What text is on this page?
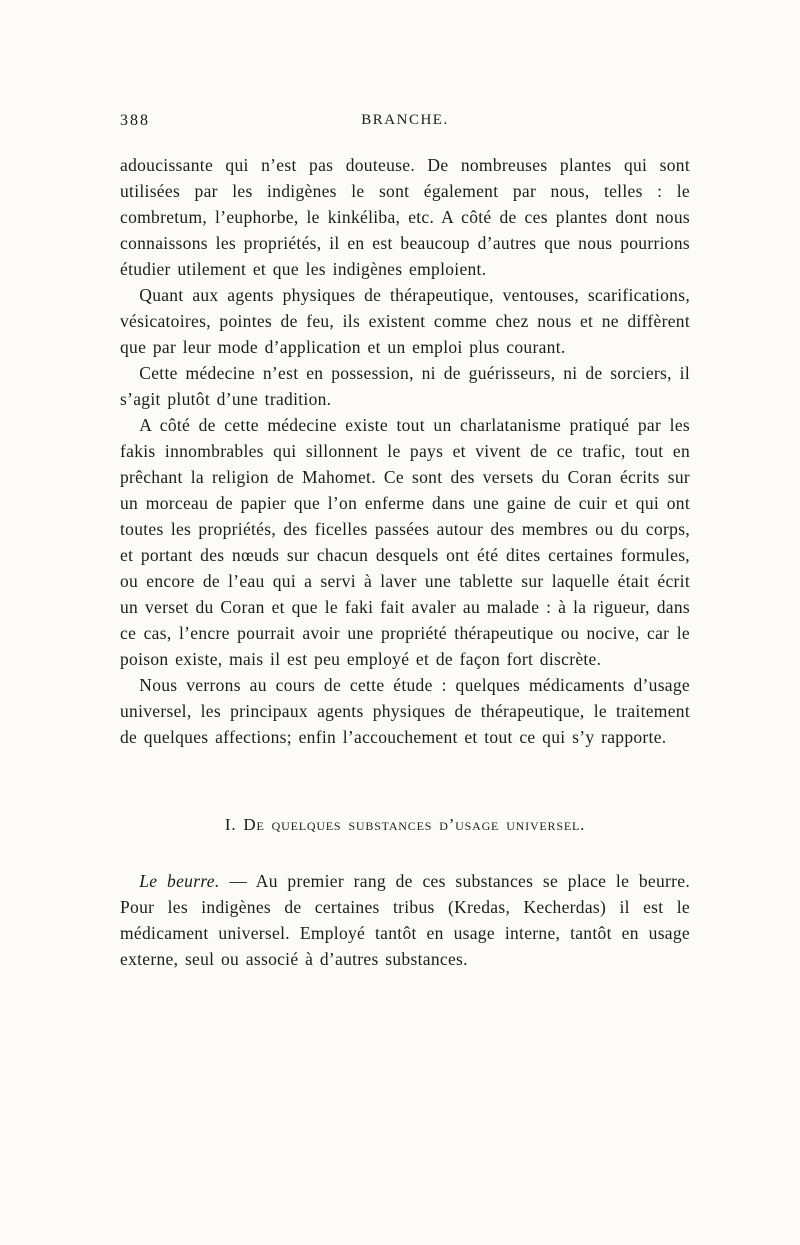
388	BRANCHE.

adoucissante qui n’est pas douteuse. De nombreuses plantes qui sont utilisées par les indigènes le sont également par nous, telles : le combretum, l’euphorbe, le kinkéliba, etc. A côté de ces plantes dont nous connaissons les propriétés, il en est beaucoup d’autres que nous pourrions étudier utilement et que les indigènes emploient.

Quant aux agents physiques de thérapeutique, ventouses, scarifications, vésicatoires, pointes de feu, ils existent comme chez nous et ne diffèrent que par leur mode d’application et un emploi plus courant.

Cette médecine n’est en possession, ni de guérisseurs, ni de sorciers, il s’agit plutôt d’une tradition.

A côté de cette médecine existe tout un charlatanisme pratiqué par les fakis innombrables qui sillonnent le pays et vivent de ce trafic, tout en prêchant la religion de Mahomet. Ce sont des versets du Coran écrits sur un morceau de papier que l’on enferme dans une gaine de cuir et qui ont toutes les propriétés, des ficelles passées autour des membres ou du corps, et portant des nœuds sur chacun desquels ont été dites certaines formules, ou encore de l’eau qui a servi à laver une tablette sur laquelle était écrit un verset du Coran et que le faki fait avaler au malade : à la rigueur, dans ce cas, l’encre pourrait avoir une propriété thérapeutique ou nocive, car le poison existe, mais il est peu employé et de façon fort discrète.

Nous verrons au cours de cette étude : quelques médicaments d’usage universel, les principaux agents physiques de thérapeutique, le traitement de quelques affections; enfin l’accouchement et tout ce qui s’y rapporte.

I. De quelques substances d’usage universel.

Le beurre. — Au premier rang de ces substances se place le beurre. Pour les indigènes de certaines tribus (Kredas, Kecherdas) il est le médicament universel. Employé tantôt en usage interne, tantôt en usage externe, seul ou associé à d’autres substances.
